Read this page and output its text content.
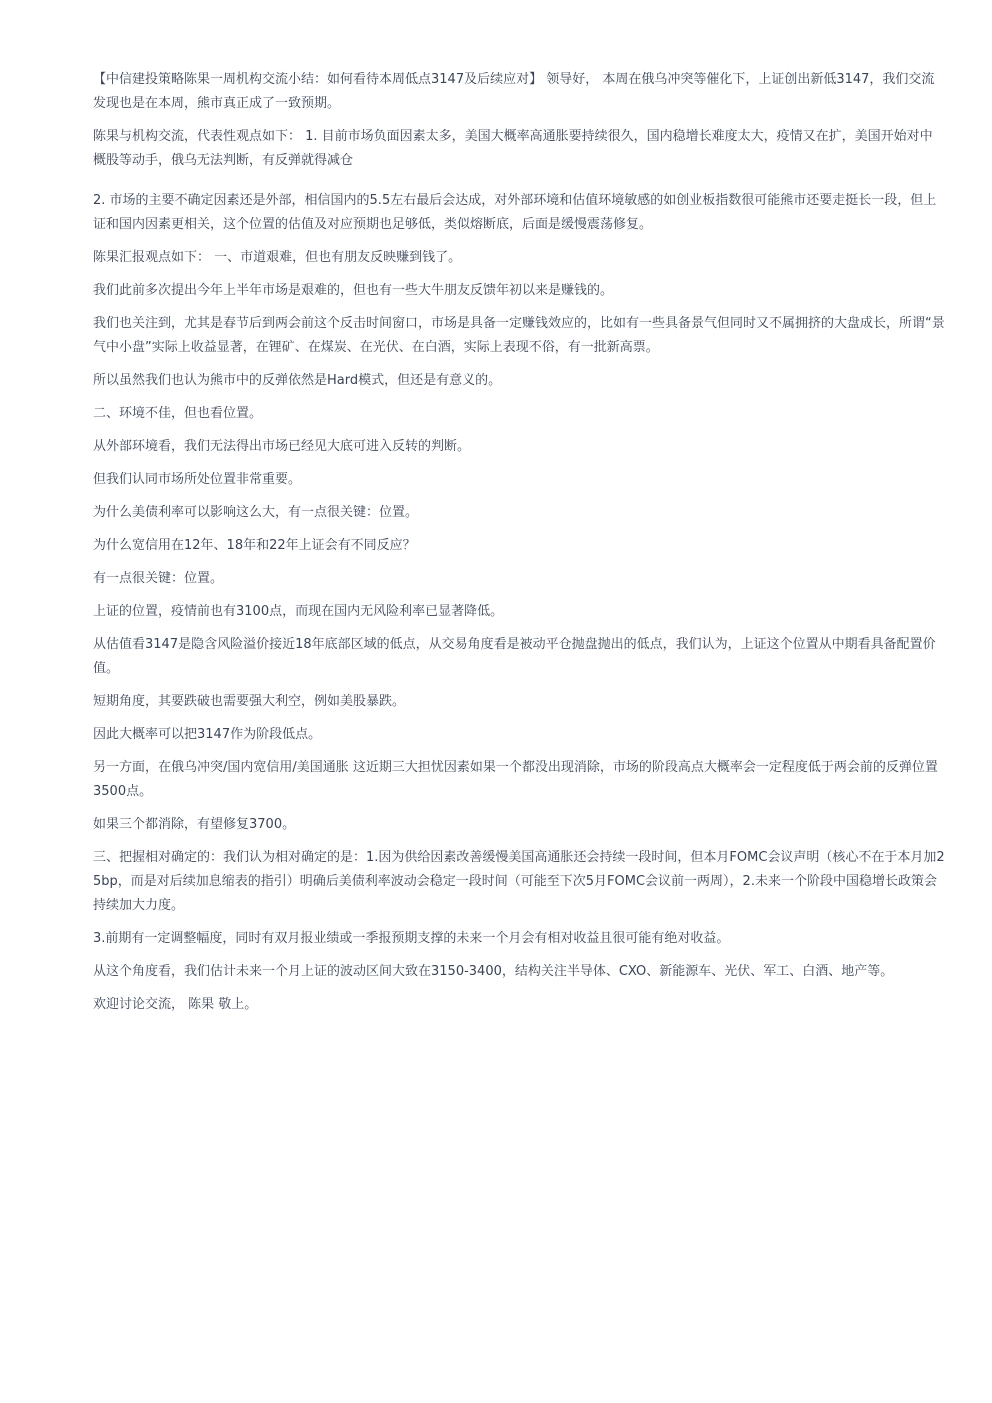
【中信建投策略陈果一周机构交流小结：如何看待本周低点3147及后续应对】 领导好， 本周在俄乌冲突等催化下，上证创出新低3147，我们交流发现也是在本周，熊市真正成了一致预期。

陈果与机构交流，代表性观点如下： 1. 目前市场负面因素太多，美国大概率高通胀要持续很久，国内稳增长难度太大，疫情又在扩，美国开始对中概股等动手，俄乌无法判断，有反弹就得减仓

2. 市场的主要不确定因素还是外部，相信国内的5.5左右最后会达成，对外部环境和估值环境敏感的如创业板指数很可能熊市还要走挺长一段，但上证和国内因素更相关，这个位置的估值及对应预期也足够低，类似熔断底，后面是缓慢震荡修复。

陈果汇报观点如下： 一、市道艰难，但也有朋友反映赚到钱了。

我们此前多次提出今年上半年市场是艰难的，但也有一些大牛朋友反馈年初以来是赚钱的。

我们也关注到，尤其是春节后到两会前这个反击时间窗口，市场是具备一定赚钱效应的，比如有一些具备景气但同时又不属拥挤的大盘成长，所谓“景气中小盘”实际上收益显著，在锂矿、在煤炭、在光伏、在白酒，实际上表现不俗，有一批新高票。

所以虽然我们也认为熊市中的反弹依然是Hard模式，但还是有意义的。

二、环境不佳，但也看位置。

从外部环境看，我们无法得出市场已经见大底可进入反转的判断。

但我们认同市场所处位置非常重要。

为什么美债利率可以影响这么大，有一点很关键：位置。

为什么宽信用在12年、18年和22年上证会有不同反应？

有一点很关键：位置。

上证的位置，疫情前也有3100点，而现在国内无风险利率已显著降低。

从估值看3147是隐含风险溢价接近18年底部区域的低点，从交易角度看是被动平仓抛盘抛出的低点，我们认为，上证这个位置从中期看具备配置价值。

短期角度，其要跌破也需要强大利空，例如美股暴跌。

因此大概率可以把3147作为阶段低点。

另一方面，在俄乌冲突/国内宽信用/美国通胀 这近期三大担忧因素如果一个都没出现消除，市场的阶段高点大概率会一定程度低于两会前的反弹位置3500点。

如果三个都消除，有望修复3700。

三、把握相对确定的：我们认为相对确定的是：1.因为供给因素改善缓慢美国高通胀还会持续一段时间，但本月FOMC会议声明（核心不在于本月加25bp，而是对后续加息缩表的指引）明确后美债利率波动会稳定一段时间（可能至下次5月FOMC会议前一两周），2.未来一个阶段中国稳增长政策会持续加大力度。

3.前期有一定调整幅度，同时有双月报业绩或一季报预期支撑的未来一个月会有相对收益且很可能有绝对收益。

从这个角度看，我们估计未来一个月上证的波动区间大致在3150-3400，结构关注半导体、CXO、新能源车、光伏、军工、白酒、地产等。

欢迎讨论交流， 陈果 敬上。
